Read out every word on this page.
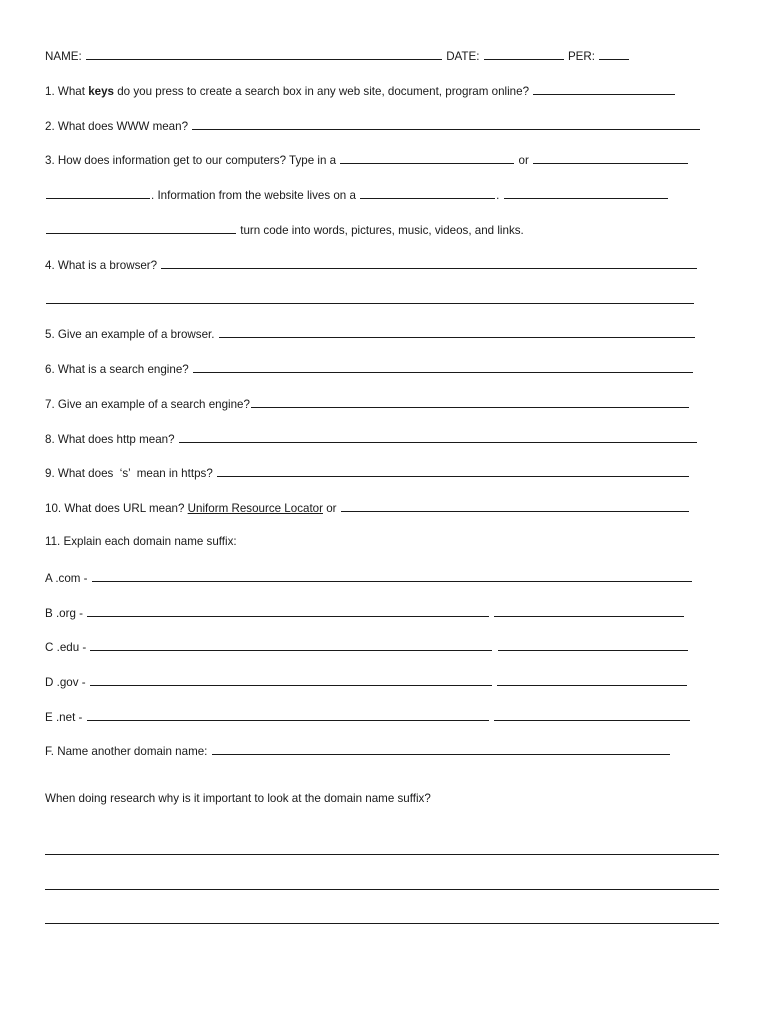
NAME:	DATE:	PER:
1. What keys do you press to create a search box in any web site, document, program online?
2. What does WWW mean?
3. How does information get to our computers? Type in a	or
. Information from the website lives on a	.
turn code into words, pictures, music, videos, and links.
4. What is a browser?
5. Give an example of a browser.
6. What is a search engine?
7. Give an example of a search engine?
8. What does http mean?
9. What does  ‘s’  mean in https?
10. What does URL mean? Uniform Resource Locator or
11. Explain each domain name suffix:
A .com -
B .org -
C .edu -
D .gov -
E .net -
F. Name another domain name:
When doing research why is it important to look at the domain name suffix?
